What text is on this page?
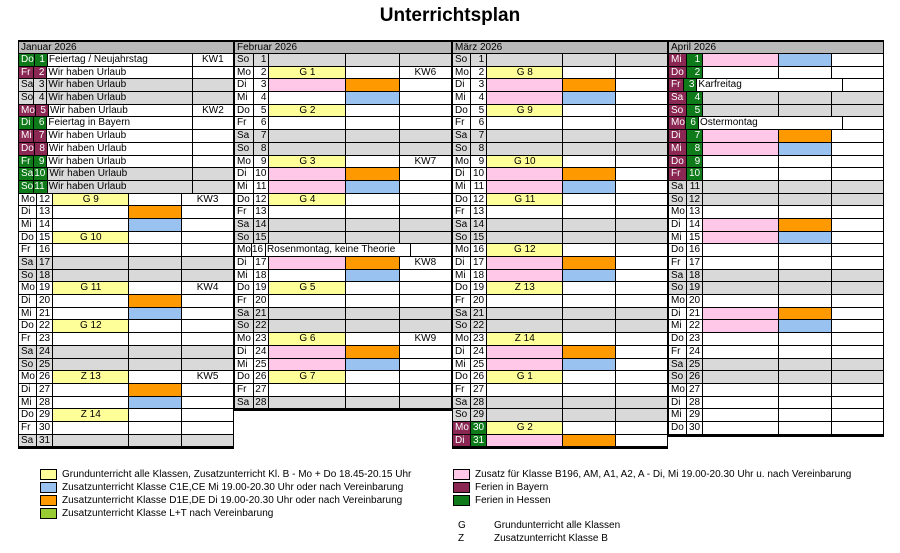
Unterrichtsplan
Januar 2026
Do 1 Feiertag / Neujahrstag	KW1
Fr 2 Wir haben Urlaub
Sa 3 Wir haben Urlaub
So 4 Wir haben Urlaub
Mo 5 Wir haben Urlaub	KW2
Di 6 Feiertag in Bayern
Mi 7 Wir haben Urlaub
Do 8 Wir haben Urlaub
Fr 9 Wir haben Urlaub
Sa 10 Wir haben Urlaub
So 11 Wir haben Urlaub
Mo 12	G 9	KW3
Di 13
Mi 14
Do 15	G 10
Fr 16
Sa 17
So 18
Mo 19	G 11	KW4
Di 20
Mi 21
Do 22	G 12
Fr 23
Sa 24
So 25
Mo 26	Z 13	KW5
Di 27
Mi 28
Do 29	Z 14
Fr 30
Sa 31
Februar 2026
So	1
Mo 2	G 1	KW6
Di	3
Mi	4
Do	5	G 2
Fr	6
Sa	7
So	8
Mo 9	G 3	KW7
Di 10
Mi 11
Do 12	G 4
Fr 13
Sa 14
So 15
Mo 16 Rosenmontag, keine Theorie
Di 17	KW8
Mi 18
Do 19	G 5
Fr 20
Sa 21
So 22
Mo 23	G 6	KW9
Di 24
Mi 25
Do 26	G 7
Fr 27
Sa 28
März 2026
So	1
Mo 2	G 8
Di	3
Mi	4
Do	5	G 9
Fr	6
Sa	7
So	8
Mo 9	G 10
Di 10
Mi 11
Do 12	G 11
Fr 13
Sa 14
So 15
Mo 16	G 12
Di 17
Mi 18
Do 19	Z 13
Fr 20
Sa 21
So 22
Mo 23	Z 14
Di 24
Mi 25
Do 26	G 1
Fr 27
Sa 28
So 29
Mo 30	G 2
Di 31
April 2026
Mi	1
Do	2
Fr 3 Karfreitag
Sa	4
So	5
Mo 6 Ostermontag
Di	7
Mi	8
Do	9
Fr 10
Sa 11
So 12
Mo 13
Di 14
Mi 15
Do 16
Fr 17
Sa 18
So 19
Mo 20
Di 21
Mi 22
Do 23
Fr 24
Sa 25
So 26
Mo 27
Di 28
Mi 29
Do 30
Grundunterricht alle Klassen, Zusatzunterricht Kl. B - Mo + Do 18.45-20.15 Uhr
Zusatzunterricht Klasse C1E,CE Mi 19.00-20.30 Uhr oder nach Vereinbarung
Zusatzunterricht Klasse D1E,DE Di 19.00-20.30 Uhr oder nach Vereinbarung
Zusatzunterricht Klasse L+T nach Vereinbarung
Zusatz für Klasse B196, AM, A1, A2, A - Di, Mi 19.00-20.30 Uhr u. nach Vereinbarung
Ferien in Bayern
Ferien in Hessen
G	Grundunterricht alle Klassen
Z	Zusatzunterricht Klasse B
